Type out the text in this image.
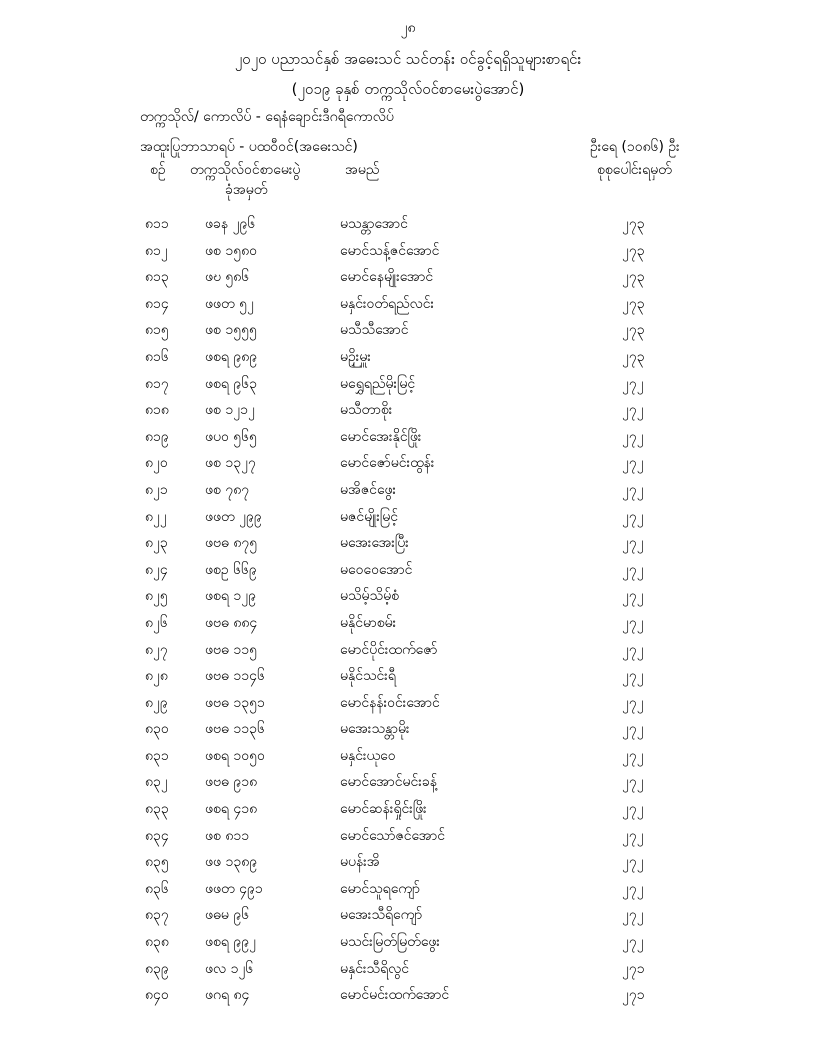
၂၈
၂၀၂၀ ပညာသင်နှစ် အဓေးသင် သင်တန်း ဝင်ခွင့်ရရှိသူများစာရင်း
(၂၀၁၉ ခုနှစ် တက္ကသိုလ်ဝင်စာမေးပွဲအောင်)
တက္ကသိုလ်/ ကောလိပ် - ရေနံချောင်းဒီဂရီကောလိပ်
အထူးပြုဘာသာရပ် - ပထဝီဝင်(အဓေးသင်)	ဦးရေ (၁၀၈၆) ဦး
စဉ် တက္ကသိုလ်ဝင်စာမေးပွဲ
ခုံအမှတ်
အမည်	စုစုပေါင်းရမှတ်
၈၁၁	ဖခန ၂၉၆	မသန္တာအောင်	၂၇၃
၈၁၂	ဖစ ၁၅၈၀	မောင်သန့်ဇင်အောင်	၂၇၃
၈၁၃	ဖဎ ၅၈၆	မောင်နေမျိုးအောင်	၂၇၃
၈၁၄	ဖဖတ ၅၂	မနှင်းဝတ်ရည်လင်း	၂၇၃
၈၁၅	ဖစ ၁၅၅၅	မသီသီအောင်	၂၇၃
၈၁၆	ဖစရ ၉၈၉	မဉှိုးမှူး	၂၇၃
၈၁၇	ဖစရ ၉၆၃	မရွှေရည်မိုးမြင့်	၂၇၂
၈၁၈	ဖစ ၁၂၁၂	မသီတာစိုး	၂၇၂
၈၁၉	ဖပဝ ၅၆၅	မောင်အေးနိုင်ဖြိုး	၂၇၂
၈၂၀	ဖစ ၁၃၂၇	မောင်ဇော်မင်းထွန်း	၂၇၂
၈၂၁	ဖစ ၇၈၇	မအိဇင်ဖွေး	၂၇၂
၈၂၂	ဖဖတ ၂၉၉	မဇင်မျိုးမြင့်	၂၇၂
၈၂၃	ဖဗဓ ၈၇၅	မအေးအေးပြီး	၂၇၂
၈၂၄	ဖစဥ ၆၆၉	မဝေဝေအောင်	၂၇၂
၈၂၅	ဖစရ ၁၂၉	မသိမ့်သိမ့်စံ	၂၇၂
၈၂၆	ဖဗဓ ၈၈၄	မနိုင်မာစမ်း	၂၇၂
၈၂၇	ဖဗဓ ၁၁၅	မောင်ပိုင်းထက်ဇော်	၂၇၂
၈၂၈	ဖဗဓ ၁၁၄၆	မနိုင်သင်းရီ	၂၇၂
၈၂၉	ဖဗဓ ၁၃၅၁	မောင်နန်းဝင်းအောင်	၂၇၂
၈၃၀	ဖဗဓ ၁၁၃၆	မအေးသန္တာမိုး	၂၇၂
၈၃၁	ဖစရ ၁၀၅၀	မနှင်းယုဝေ	၂၇၂
၈၃၂	ဖဗဓ ၉၁၈	မောင်အောင်မင်းခန့်	၂၇၂
၈၃၃	ဖစရ ၄၁၈	မောင်ဆန်းရှိုင်းဖြိုး	၂၇၂
၈၃၄	ဖစ ၈၁၁	မောင်သော်ဇင်အောင်	၂၇၂
၈၃၅	ဖဖ ၁၃၈၉	မပန်းအိ	၂၇၂
၈၃၆	ဖဖတ ၄၉၁	မောင်သူရကျော်	၂၇၂
၈၃၇	ဖဓမ ၉၆	မအေးသီရိကျော်	၂၇၂
၈၃၈	ဖစရ ၉၉၂	မသင်းမြတ်မြတ်ဖွေး	၂၇၂
၈၃၉	ဖလ ၁၂၆	မနှင်းသီရိလွင်	၂၇၁
၈၄၀	ဖဂရ ၈၄	မောင်မင်းထက်အောင်	၂၇၁
